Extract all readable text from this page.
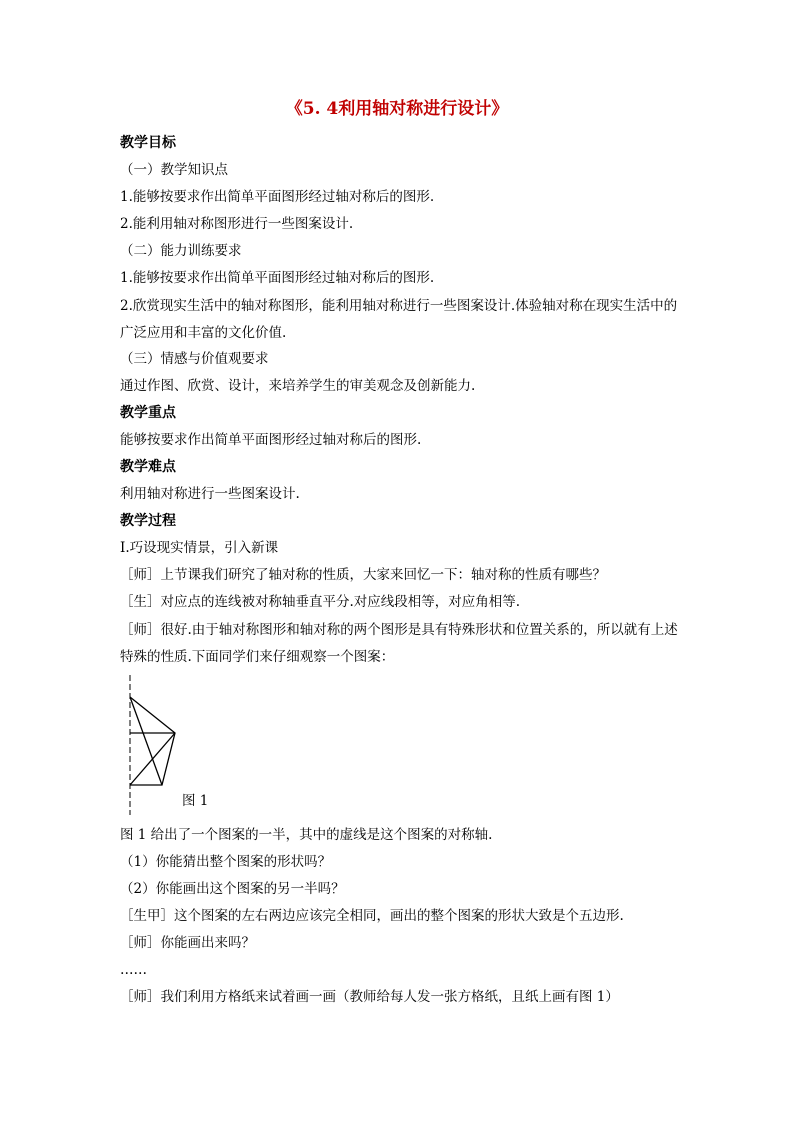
《5. 4利用轴对称进行设计》
教学目标
（一）教学知识点
1.能够按要求作出简单平面图形经过轴对称后的图形.
2.能利用轴对称图形进行一些图案设计.
（二）能力训练要求
1.能够按要求作出简单平面图形经过轴对称后的图形.
2.欣赏现实生活中的轴对称图形，能利用轴对称进行一些图案设计.体验轴对称在现实生活中的广泛应用和丰富的文化价值.
（三）情感与价值观要求
通过作图、欣赏、设计，来培养学生的审美观念及创新能力.
教学重点
能够按要求作出简单平面图形经过轴对称后的图形.
教学难点
利用轴对称进行一些图案设计.
教学过程
Ⅰ.巧设现实情景，引入新课
［师］上节课我们研究了轴对称的性质，大家来回忆一下：轴对称的性质有哪些？
［生］对应点的连线被对称轴垂直平分.对应线段相等，对应角相等.
［师］很好.由于轴对称图形和轴对称的两个图形是具有特殊形状和位置关系的，所以就有上述特殊的性质.下面同学们来仔细观察一个图案：
图 1
图 1 给出了一个图案的一半，其中的虚线是这个图案的对称轴.
（1）你能猜出整个图案的形状吗？
（2）你能画出这个图案的另一半吗？
［生甲］这个图案的左右两边应该完全相同，画出的整个图案的形状大致是个五边形.
［师］你能画出来吗？
……
［师］我们利用方格纸来试着画一画（教师给每人发一张方格纸，且纸上画有图 1）
